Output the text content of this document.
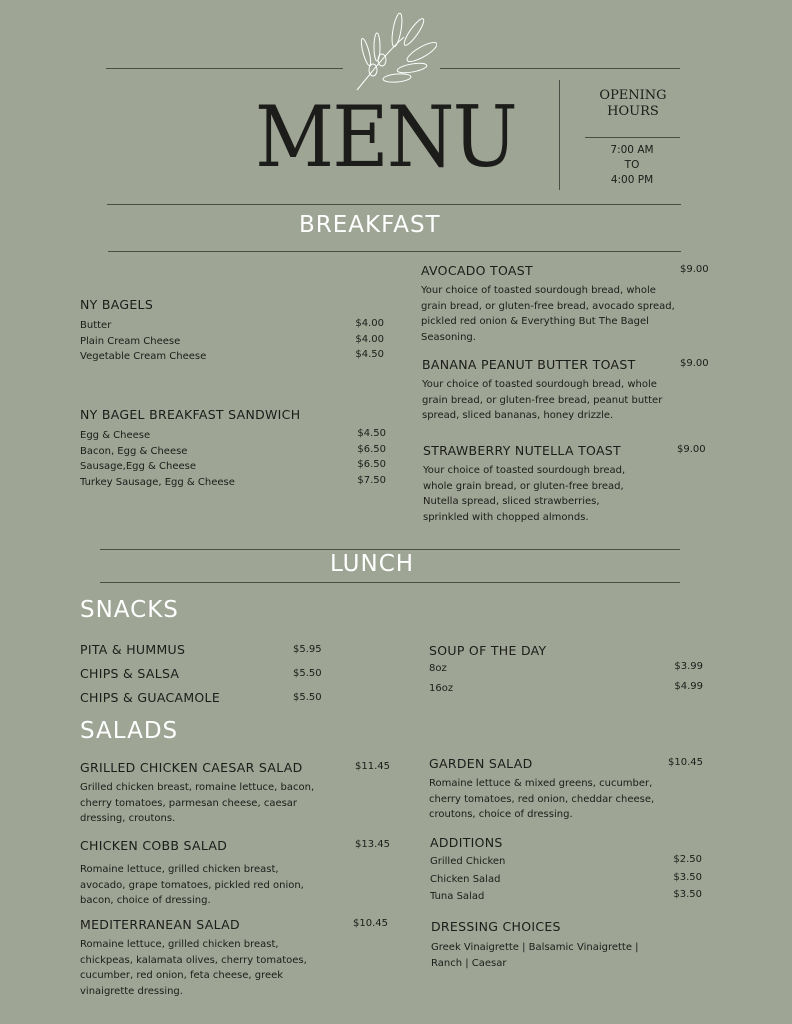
MENU	OPENING
HOURS
7:00 AM
TO
4:00 PM
BREAKFAST
NY BAGELS
Butter	$4.00
Plain Cream Cheese	$4.00
Vegetable Cream Cheese	$4.50
NY BAGEL BREAKFAST SANDWICH
Egg & Cheese	$4.50
Bacon, Egg & Cheese	$6.50
Sausage,Egg & Cheese	$6.50
Turkey Sausage, Egg & Cheese	$7.50
AVOCADO TOAST	$9.00
Your choice of toasted sourdough bread, whole grain bread, or gluten-free bread, avocado spread, pickled red onion & Everything But The Bagel Seasoning.
BANANA PEANUT BUTTER TOAST	$9.00
Your choice of toasted sourdough bread, whole grain bread, or gluten-free bread, peanut butter spread, sliced bananas, honey drizzle.
STRAWBERRY NUTELLA TOAST	$9.00
Your choice of toasted sourdough bread, whole grain bread, or gluten-free bread, Nutella spread, sliced strawberries, sprinkled with chopped almonds.
LUNCH
SNACKS
PITA & HUMMUS	$5.95
CHIPS & SALSA	$5.50
CHIPS & GUACAMOLE	$5.50
SOUP OF THE DAY
8oz	$3.99
16oz	$4.99
SALADS
GRILLED CHICKEN CAESAR SALAD	$11.45
Grilled chicken breast, romaine lettuce, bacon, cherry tomatoes, parmesan cheese, caesar dressing, croutons.
CHICKEN COBB SALAD	$13.45
Romaine lettuce, grilled chicken breast, avocado, grape tomatoes, pickled red onion, bacon, choice of dressing.
MEDITERRANEAN SALAD	$10.45
Romaine lettuce, grilled chicken breast, chickpeas, kalamata olives, cherry tomatoes, cucumber, red onion, feta cheese, greek vinaigrette dressing.
GARDEN SALAD	$10.45
Romaine lettuce & mixed greens, cucumber, cherry tomatoes, red onion, cheddar cheese, croutons, choice of dressing.
ADDITIONS
Grilled Chicken	$2.50
Chicken Salad	$3.50
Tuna Salad	$3.50
DRESSING CHOICES
Greek Vinaigrette | Balsamic Vinaigrette | Ranch | Caesar
